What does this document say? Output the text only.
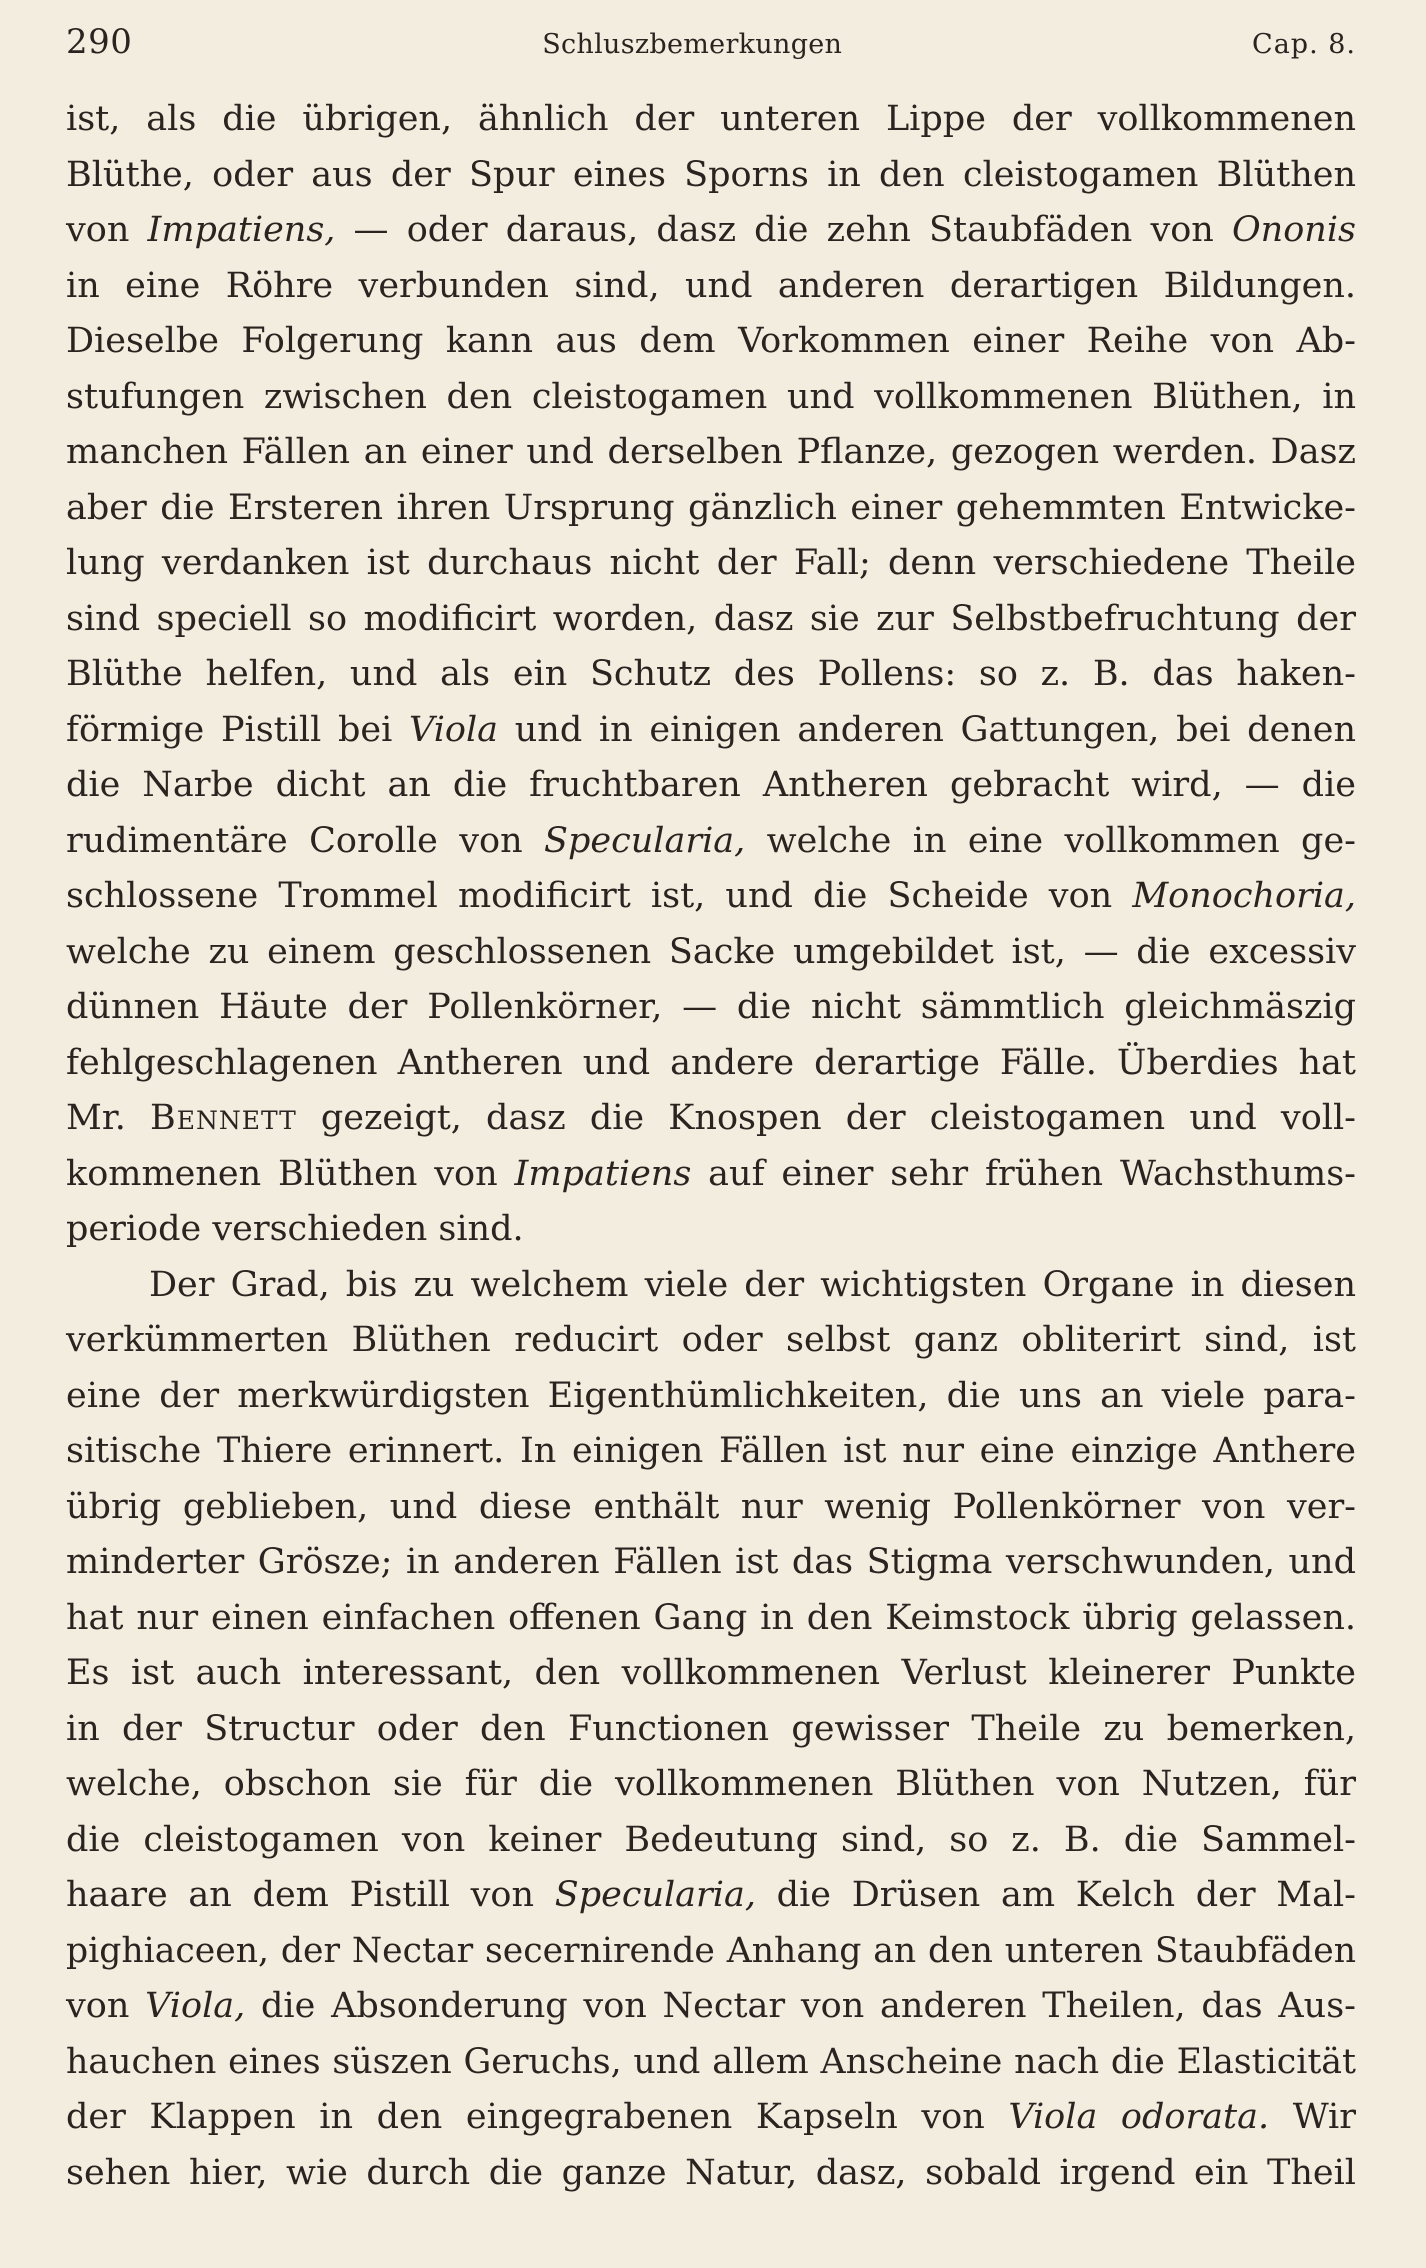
290	Schluszbemerkungen	Cap. 8.
ist, als die übrigen, ähnlich der unteren Lippe der vollkommenen
Blüthe, oder aus der Spur eines Sporns in den cleistogamen Blüthen
von Impatiens, — oder daraus, dasz die zehn Staubfäden von Ononis
in eine Röhre verbunden sind, und anderen derartigen Bildungen.
Dieselbe Folgerung kann aus dem Vorkommen einer Reihe von Ab-
stufungen zwischen den cleistogamen und vollkommenen Blüthen, in
manchen Fällen an einer und derselben Pflanze, gezogen werden. Dasz
aber die Ersteren ihren Ursprung gänzlich einer gehemmten Entwicke-
lung verdanken ist durchaus nicht der Fall; denn verschiedene Theile
sind speciell so modificirt worden, dasz sie zur Selbstbefruchtung der
Blüthe helfen, und als ein Schutz des Pollens: so z. B. das haken-
förmige Pistill bei Viola und in einigen anderen Gattungen, bei denen
die Narbe dicht an die fruchtbaren Antheren gebracht wird, — die
rudimentäre Corolle von Specularia, welche in eine vollkommen ge-
schlossene Trommel modificirt ist, und die Scheide von Monochoria,
welche zu einem geschlossenen Sacke umgebildet ist, — die excessiv
dünnen Häute der Pollenkörner, — die nicht sämmtlich gleichmäszig
fehlgeschlagenen Antheren und andere derartige Fälle. Überdies hat
Mr. Bennett gezeigt, dasz die Knospen der cleistogamen und voll-
kommenen Blüthen von Impatiens auf einer sehr frühen Wachsthums-
periode verschieden sind.
Der Grad, bis zu welchem viele der wichtigsten Organe in diesen
verkümmerten Blüthen reducirt oder selbst ganz obliterirt sind, ist
eine der merkwürdigsten Eigenthümlichkeiten, die uns an viele para-
sitische Thiere erinnert. In einigen Fällen ist nur eine einzige Anthere
übrig geblieben, und diese enthält nur wenig Pollenkörner von ver-
minderter Grösze; in anderen Fällen ist das Stigma verschwunden, und
hat nur einen einfachen offenen Gang in den Keimstock übrig gelassen.
Es ist auch interessant, den vollkommenen Verlust kleinerer Punkte
in der Structur oder den Functionen gewisser Theile zu bemerken,
welche, obschon sie für die vollkommenen Blüthen von Nutzen, für
die cleistogamen von keiner Bedeutung sind, so z. B. die Sammel-
haare an dem Pistill von Specularia, die Drüsen am Kelch der Mal-
pighiaceen, der Nectar secernirende Anhang an den unteren Staubfäden
von Viola, die Absonderung von Nectar von anderen Theilen, das Aus-
hauchen eines süszen Geruchs, und allem Anscheine nach die Elasticität
der Klappen in den eingegrabenen Kapseln von Viola odorata. Wir
sehen hier, wie durch die ganze Natur, dasz, sobald irgend ein Theil
